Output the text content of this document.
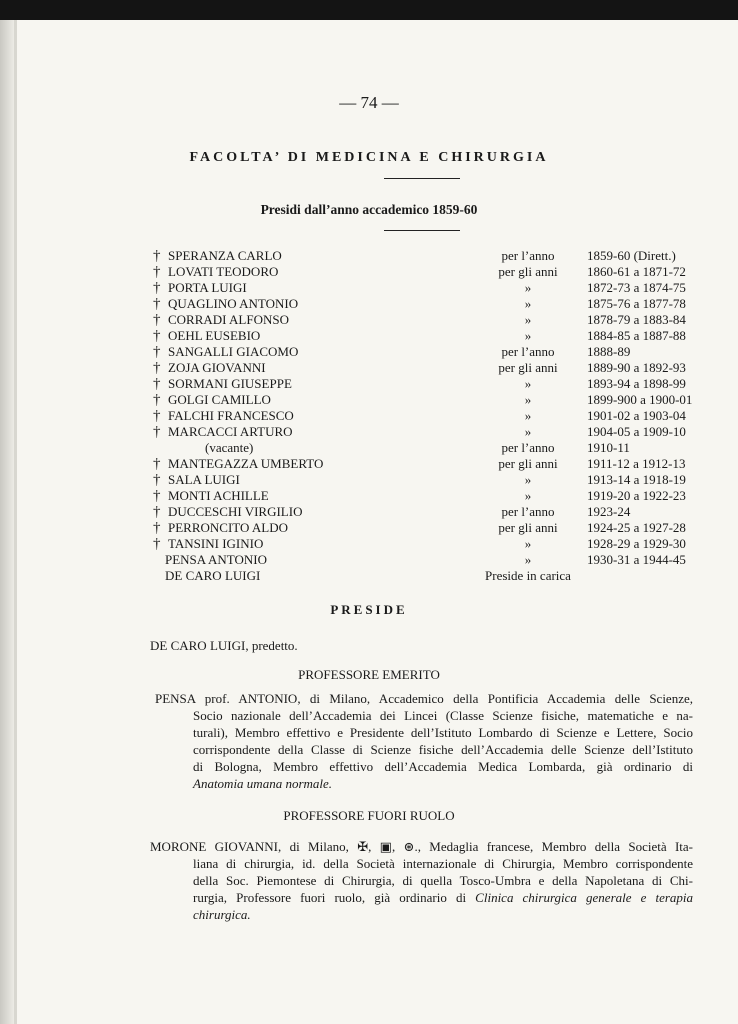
— 74 —
FACOLTA’ DI MEDICINA E CHIRURGIA
Presidi dall’anno accademico 1859-60
† SPERANZA CARLO	per l’anno	1859-60 (Dirett.)
† LOVATI TEODORO	per gli anni	1860-61 a 1871-72
† PORTA LUIGI	»	1872-73 a 1874-75
† QUAGLINO ANTONIO	»	1875-76 a 1877-78
† CORRADI ALFONSO	»	1878-79 a 1883-84
† OEHL EUSEBIO	»	1884-85 a 1887-88
† SANGALLI GIACOMO	per l’anno	1888-89
† ZOJA GIOVANNI	per gli anni	1889-90 a 1892-93
† SORMANI GIUSEPPE	»	1893-94 a 1898-99
† GOLGI CAMILLO	»	1899-900 a 1900-01
† FALCHI FRANCESCO	»	1901-02 a 1903-04
† MARCACCI ARTURO	»	1904-05 a 1909-10
(vacante)	per l’anno	1910-11
† MANTEGAZZA UMBERTO	per gli anni	1911-12 a 1912-13
† SALA LUIGI	»	1913-14 a 1918-19
† MONTI ACHILLE	»	1919-20 a 1922-23
† DUCCESCHI VIRGILIO	per l’anno	1923-24
† PERRONCITO ALDO	per gli anni	1924-25 a 1927-28
† TANSINI IGINIO	»	1928-29 a 1929-30
PENSA ANTONIO	»	1930-31 a 1944-45
DE CARO LUIGI	Preside in carica
PRESIDE
DE CARO LUIGI, predetto.
PROFESSORE EMERITO
PENSA prof. ANTONIO, di Milano, Accademico della Pontificia Accademia delle Scienze,
Socio nazionale dell’Accademia dei Lincei (Classe Scienze fisiche, matematiche e na-
turali), Membro effettivo e Presidente dell’Istituto Lombardo di Scienze e Lettere, Socio
corrispondente della Classe di Scienze fisiche dell’Accademia delle Scienze dell’Istituto
di Bologna, Membro effettivo dell’Accademia Medica Lombarda, già ordinario di
Anatomia umana normale.
PROFESSORE FUORI RUOLO
MORONE GIOVANNI, di Milano, ✠, ▣, ⊛., Medaglia francese, Membro della Società Ita-
liana di chirurgia, id. della Società internazionale di Chirurgia, Membro corrispondente
della Soc. Piemontese di Chirurgia, di quella Tosco-Umbra e della Napoletana di Chi-
rurgia, Professore fuori ruolo, già ordinario di Clinica chirurgica generale e terapia
chirurgica.
